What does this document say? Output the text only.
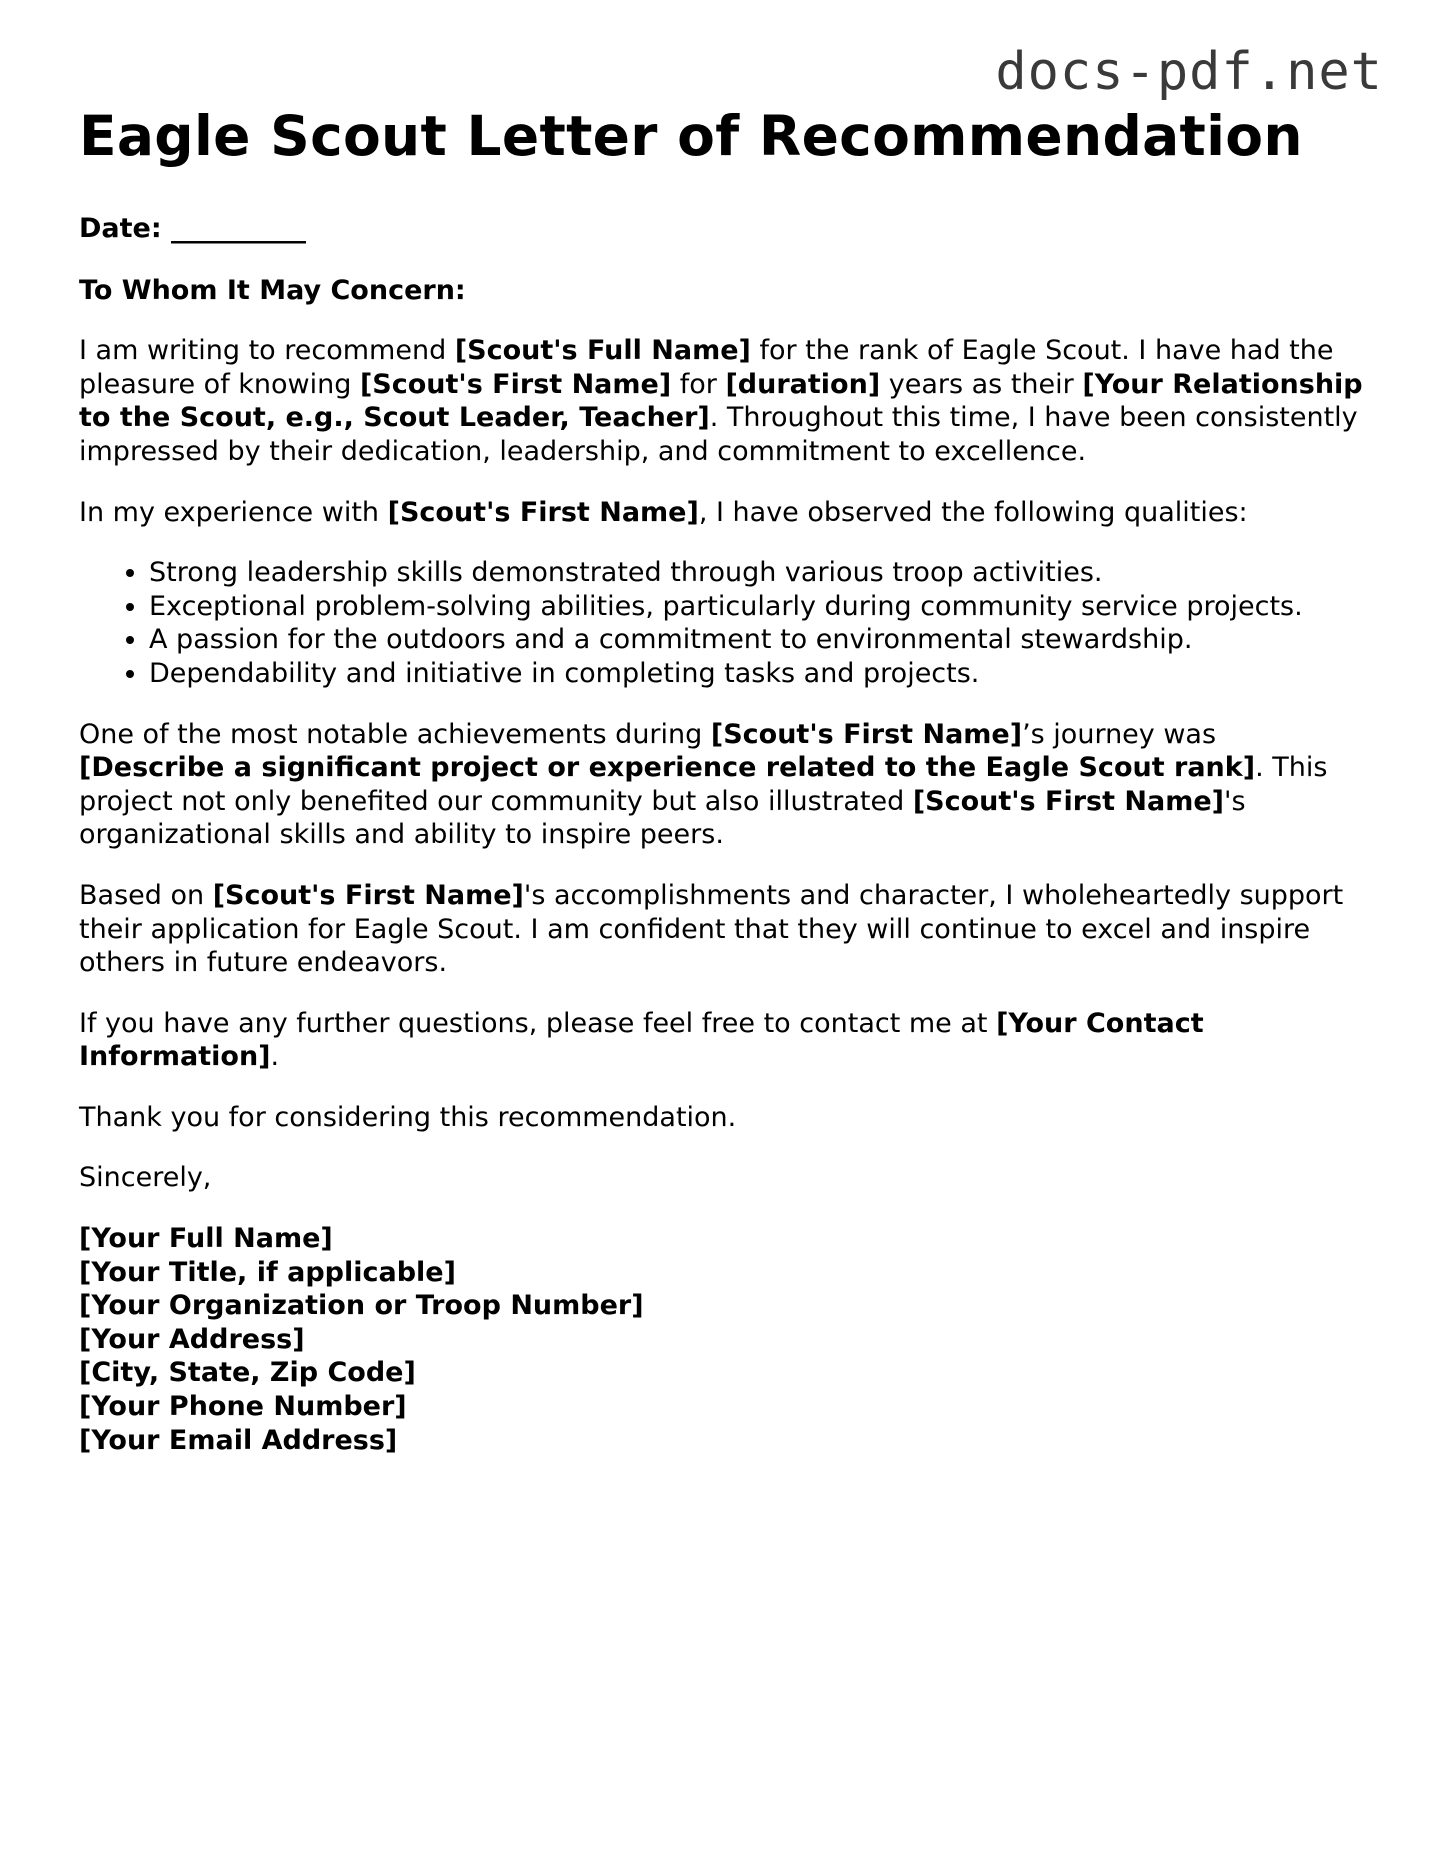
docs-pdf.net
Eagle Scout Letter of Recommendation

Date: __________

To Whom It May Concern:

I am writing to recommend [Scout's Full Name] for the rank of Eagle Scout. I have had the pleasure of knowing [Scout's First Name] for [duration] years as their [Your Relationship to the Scout, e.g., Scout Leader, Teacher]. Throughout this time, I have been consistently impressed by their dedication, leadership, and commitment to excellence.

In my experience with [Scout's First Name], I have observed the following qualities:

• Strong leadership skills demonstrated through various troop activities.
• Exceptional problem-solving abilities, particularly during community service projects.
• A passion for the outdoors and a commitment to environmental stewardship.
• Dependability and initiative in completing tasks and projects.

One of the most notable achievements during [Scout's First Name]’s journey was [Describe a significant project or experience related to the Eagle Scout rank]. This project not only benefited our community but also illustrated [Scout's First Name]'s organizational skills and ability to inspire peers.

Based on [Scout's First Name]'s accomplishments and character, I wholeheartedly support their application for Eagle Scout. I am confident that they will continue to excel and inspire others in future endeavors.

If you have any further questions, please feel free to contact me at [Your Contact Information].

Thank you for considering this recommendation.

Sincerely,

[Your Full Name]
[Your Title, if applicable]
[Your Organization or Troop Number]
[Your Address]
[City, State, Zip Code]
[Your Phone Number]
[Your Email Address]
